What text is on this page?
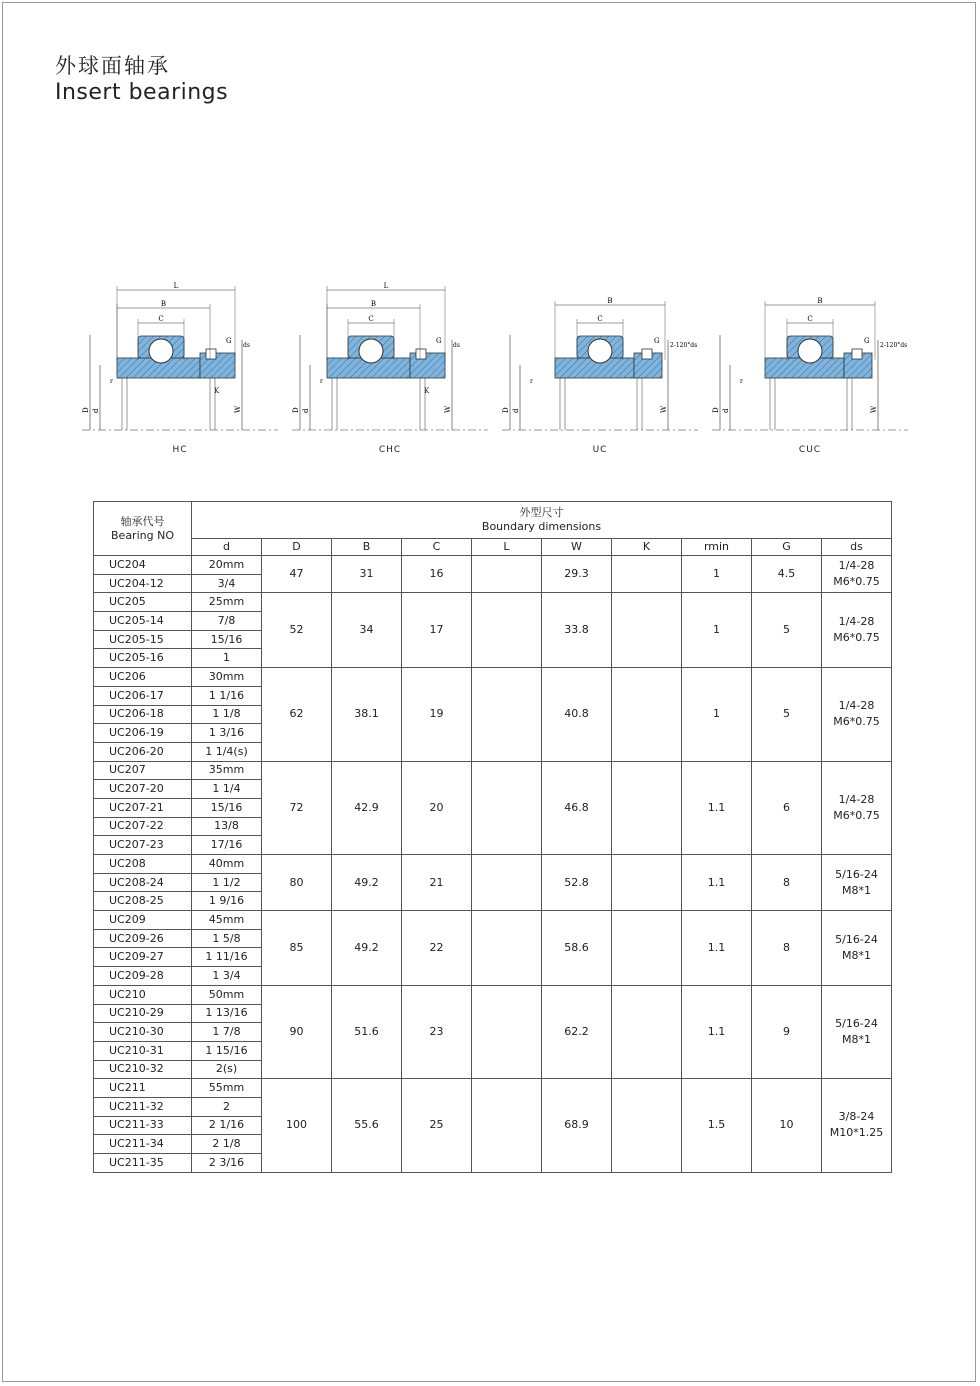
外球面轴承
Insert bearings
L
B
C
G
ds
D d	W
K
r
HC
L
B
C
G
ds
D d	W
K
r
CHC
B
C
G
2-120°ds
D d	W
r
UC
B
C
G
2-120°ds
D d	W
r
CUC
轴承代号
Bearing NO	外型尺寸
Boundary dimensions									

	d	D	B	C	L	W	K	rmin	G	ds
UC204	20mm	47	31	16		29.3		1	4.5	1/4-28
M6*0.75

UC204-12	3/4									
UC205	25mm	52	34	17		33.8		1	5	1/4-28
M6*0.75

UC205-14	7/8									
UC205-15	15/16									
UC205-16	1									
UC206	30mm	62	38.1	19		40.8		1	5	1/4-28
M6*0.75

UC206-17	1 1/16									
UC206-18	1 1/8									
UC206-19	1 3/16									
UC206-20	1 1/4(s)									
UC207	35mm	72	42.9	20		46.8		1.1	6	1/4-28
M6*0.75

UC207-20	1 1/4									
UC207-21	15/16									
UC207-22	13/8									
UC207-23	17/16									
UC208	40mm	80	49.2	21		52.8		1.1	8	5/16-24
M8*1

UC208-24	1 1/2									
UC208-25	1 9/16									
UC209	45mm	85	49.2	22		58.6		1.1	8	5/16-24
M8*1

UC209-26	1 5/8									
UC209-27	1 11/16									
UC209-28	1 3/4									
UC210	50mm	90	51.6	23		62.2		1.1	9	5/16-24
M8*1

UC210-29	1 13/16									
UC210-30	1 7/8									
UC210-31	1 15/16									
UC210-32	2(s)									
UC211	55mm	100	55.6	25		68.9		1.5	10	3/8-24
M10*1.25

UC211-32	2									
UC211-33	2 1/16									
UC211-34	2 1/8									
UC211-35	2 3/16									
